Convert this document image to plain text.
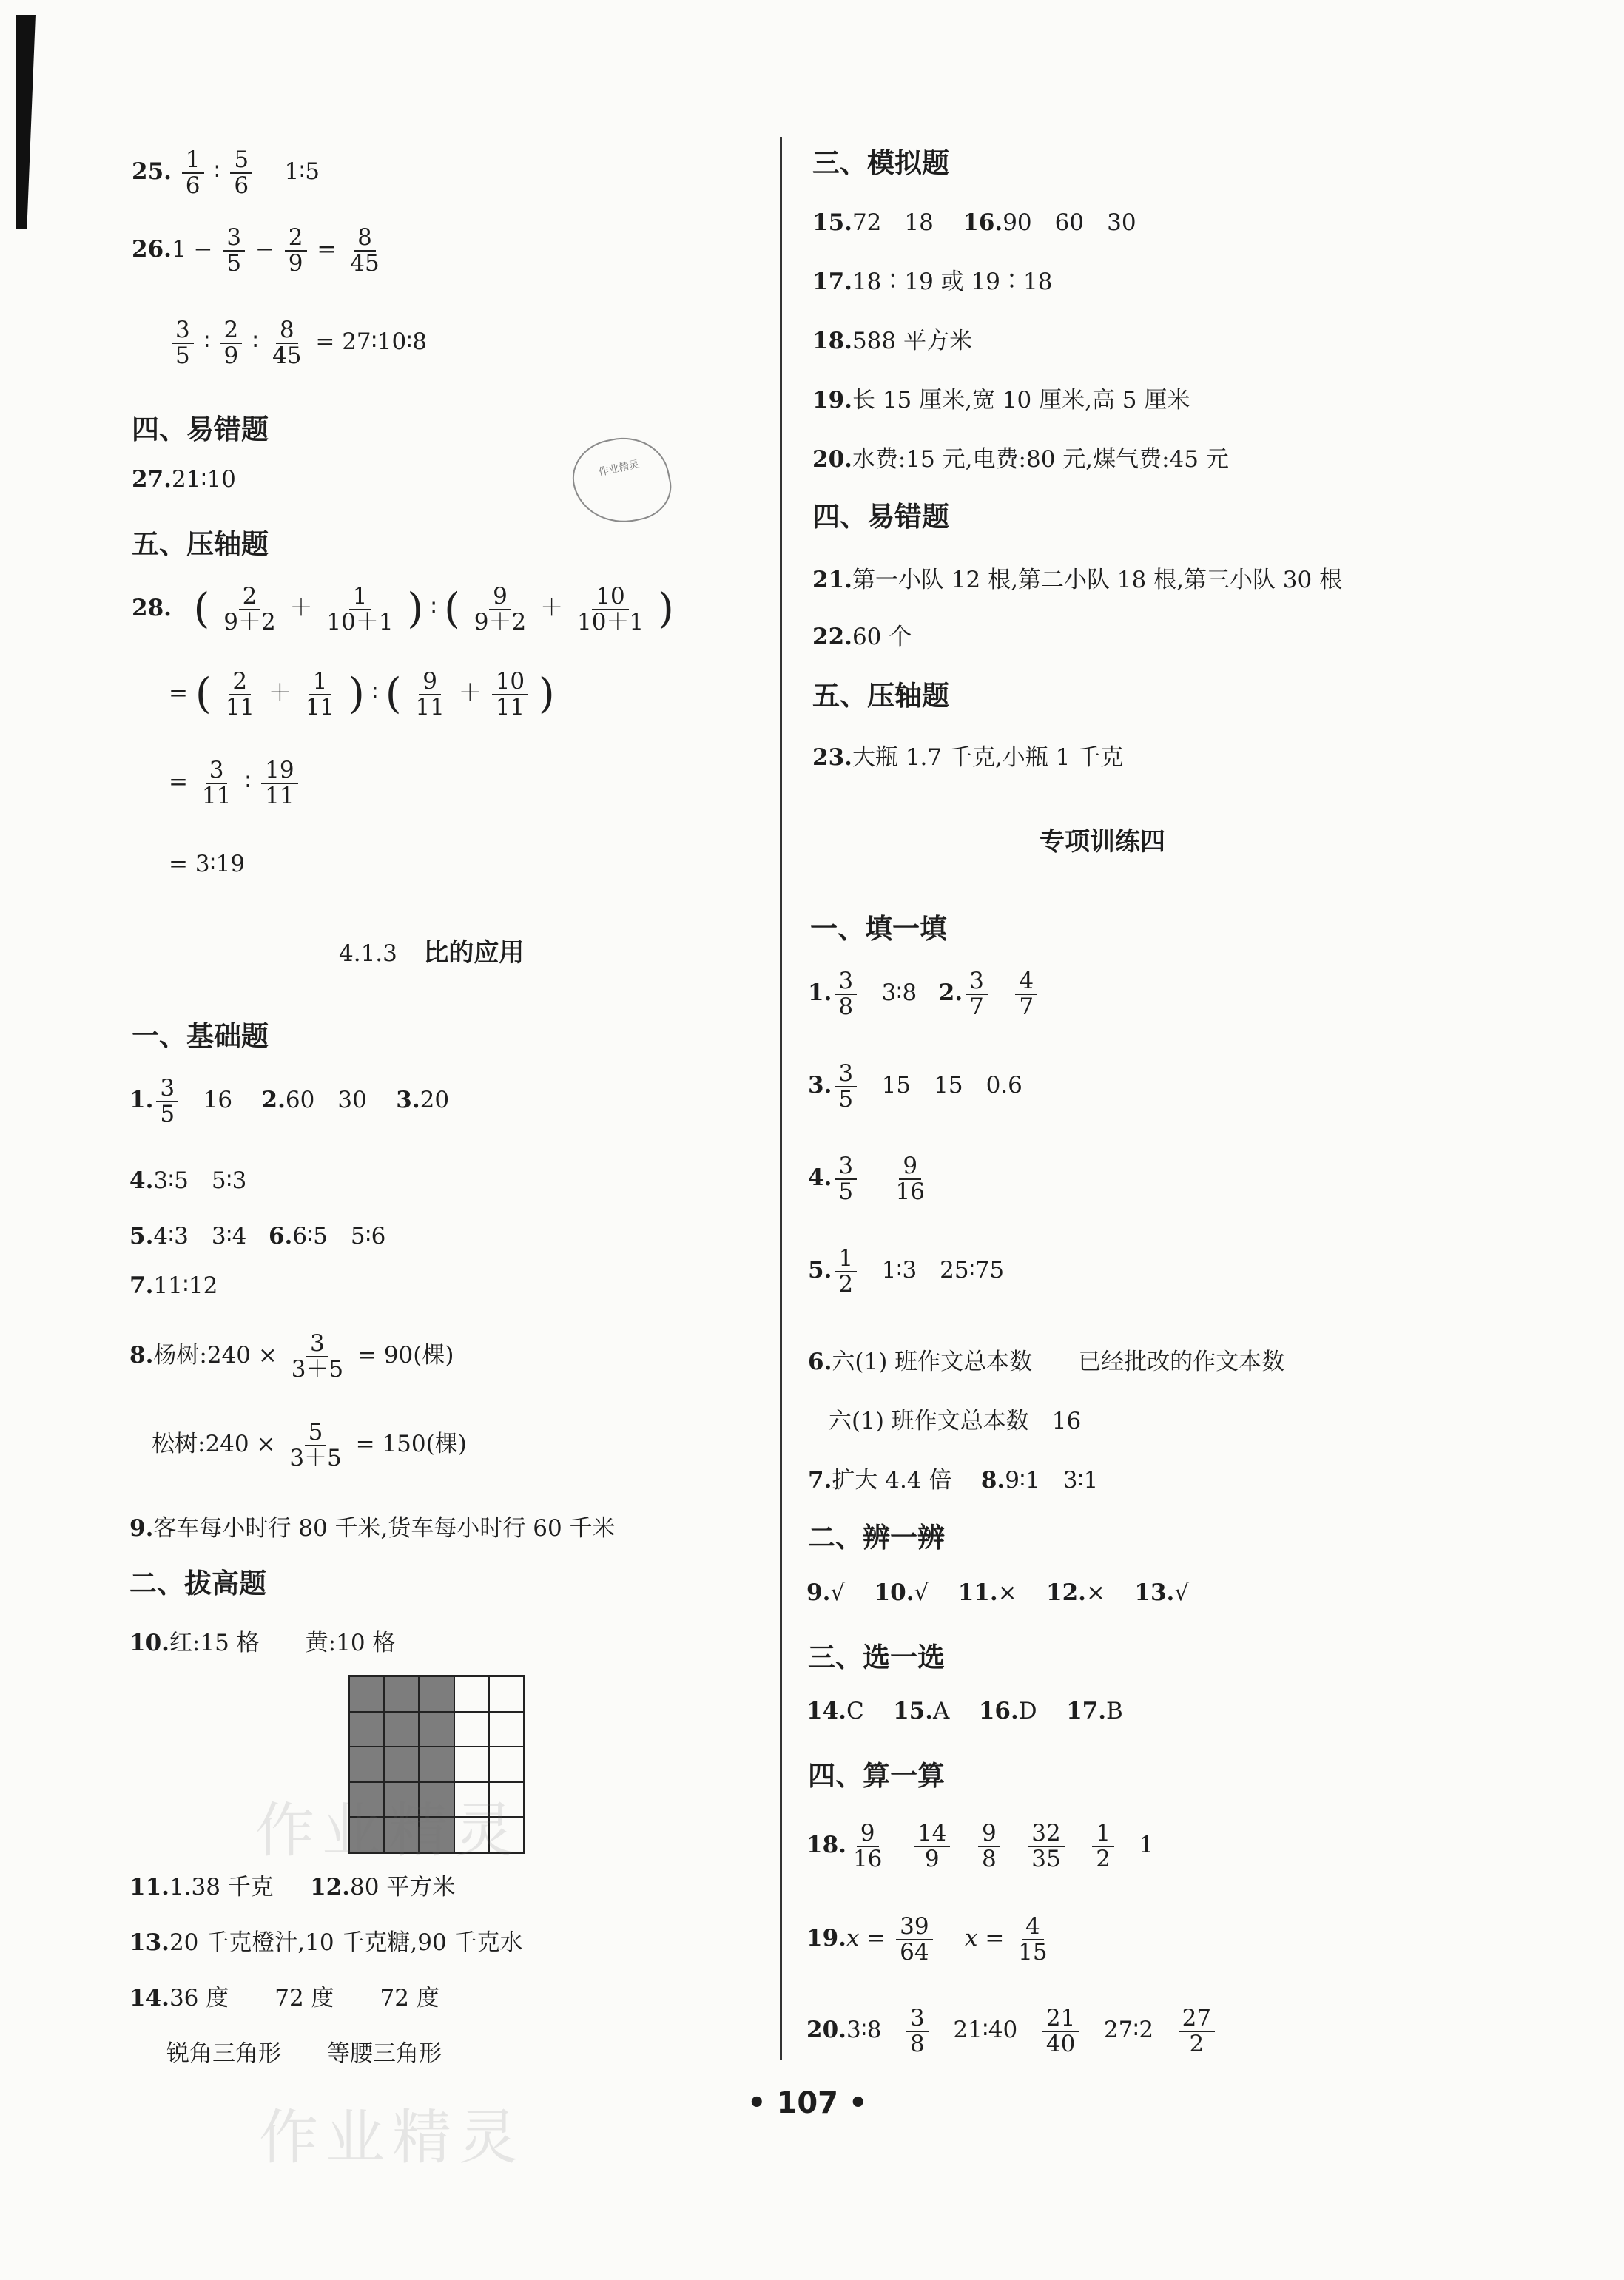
25. $\frac{1}{6}$ ∶ $\frac{5}{6}$ 1∶5
$26.1 - \frac{3}{5} - \frac{2}{9} = \frac{8}{45}$
$\frac{3}{5}$ ∶ $\frac{2}{9}$ ∶ $\frac{8}{45}$ = 27∶10∶8
四、易错题
27.21∶10	作业精灵
五、压轴题
28. ( $\frac{2}{9+2} + \frac{1}{10+1}$ ) ∶ ( $\frac{9}{9+2} + \frac{10}{10+1}$ )
= ( $\frac{2}{11} + \frac{1}{11}$ ) ∶ ( $\frac{9}{11} + \frac{10}{11}$ )
= $\frac{3}{11}$ ∶ $\frac{19}{11}$
= 3∶19
4.1.3 比的应用
一、基础题
1. $\frac{3}{5} 16$ 2.60　30 3.20
4.3∶5　5∶3
5.4∶3　3∶4 6.6∶5　5∶6
7.11∶12
8.杨树:240 × $\frac{3}{3+5} = 90$(棵)
松树:240 × $\frac{5}{3+5} = 150$(棵)
9.客车每小时行 80 千米,货车每小时行 60 千米
二、拔高题
10.红:15 格　　黄:10 格
作业精灵
11.1.38 千克 12.80 平方米
13.20 千克橙汁,10 千克糖,90 千克水
14.36 度　　72 度　　72 度
锐角三角形　　等腰三角形
作业精灵
三、模拟题
15.72　18 16.90　60　30
17.18∶19 或 19∶18
18.588 平方米
19.长 15 厘米,宽 10 厘米,高 5 厘米
20.水费:15 元,电费:80 元,煤气费:45 元
四、易错题
21.第一小队 12 根,第二小队 18 根,第三小队 30 根
22.60 个
五、压轴题
23.大瓶 1.7 千克,小瓶 1 千克
专项训练四
一、填一填
1. $\frac{3}{8}$ 3∶8 2. $\frac{3}{7}$
$\frac{4}{7}$
3. $\frac{3}{5} 15$　15　0.6
4. $\frac{3}{5}$
$\frac{9}{16}$
5. $\frac{1}{2}$ 1∶3　25∶75
6.六(1) 班作文总本数　　已经批改的作文本数
六(1) 班作文总本数　16
7.扩大 4.4 倍 8.9∶1　3∶1
二、辨一辨
9.√ 10.√ 11.× 12.× 13.√
三、选一选
14.C 15.A 16.D 17.B
四、算一算
18. $\frac{9}{16}$
$\frac{14}{9}$
$\frac{9}{8}$
$\frac{32}{35}$
$\frac{1}{2} 1$
$19.x = \frac{39}{64}$ $x = \frac{4}{15}$
20.3∶8 $\frac{3}{8}$ 21∶40 $\frac{21}{40}$ 27∶2 $\frac{27}{2}$
• 107 •
